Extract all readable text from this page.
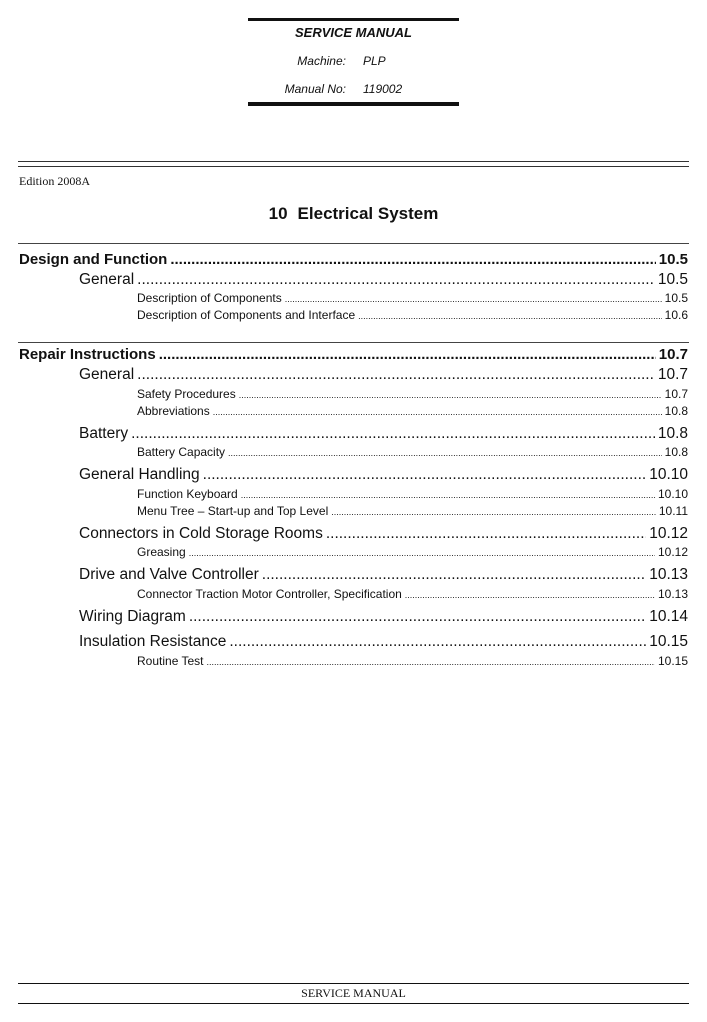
SERVICE MANUAL
Machine: PLP
Manual No: 119002
Edition 2008A
10 Electrical System
Design and Function .....	10.5
General .....	10.5
Description of Components .....	10.5
Description of Components and Interface .....	10.6
Repair Instructions .....	10.7
General .....	10.7
Safety Procedures .....	10.7
Abbreviations .....	10.8
Battery .....	10.8
Battery Capacity .....	10.8
General Handling .....	10.10
Function Keyboard .....	10.10
Menu Tree – Start-up and Top Level .....	10.11
Connectors in Cold Storage Rooms .....	10.12
Greasing .....	10.12
Drive and Valve Controller .....	10.13
Connector Traction Motor Controller, Specification .....	10.13
Wiring Diagram .....	10.14
Insulation Resistance .....	10.15
Routine Test .....	10.15
SERVICE MANUAL
